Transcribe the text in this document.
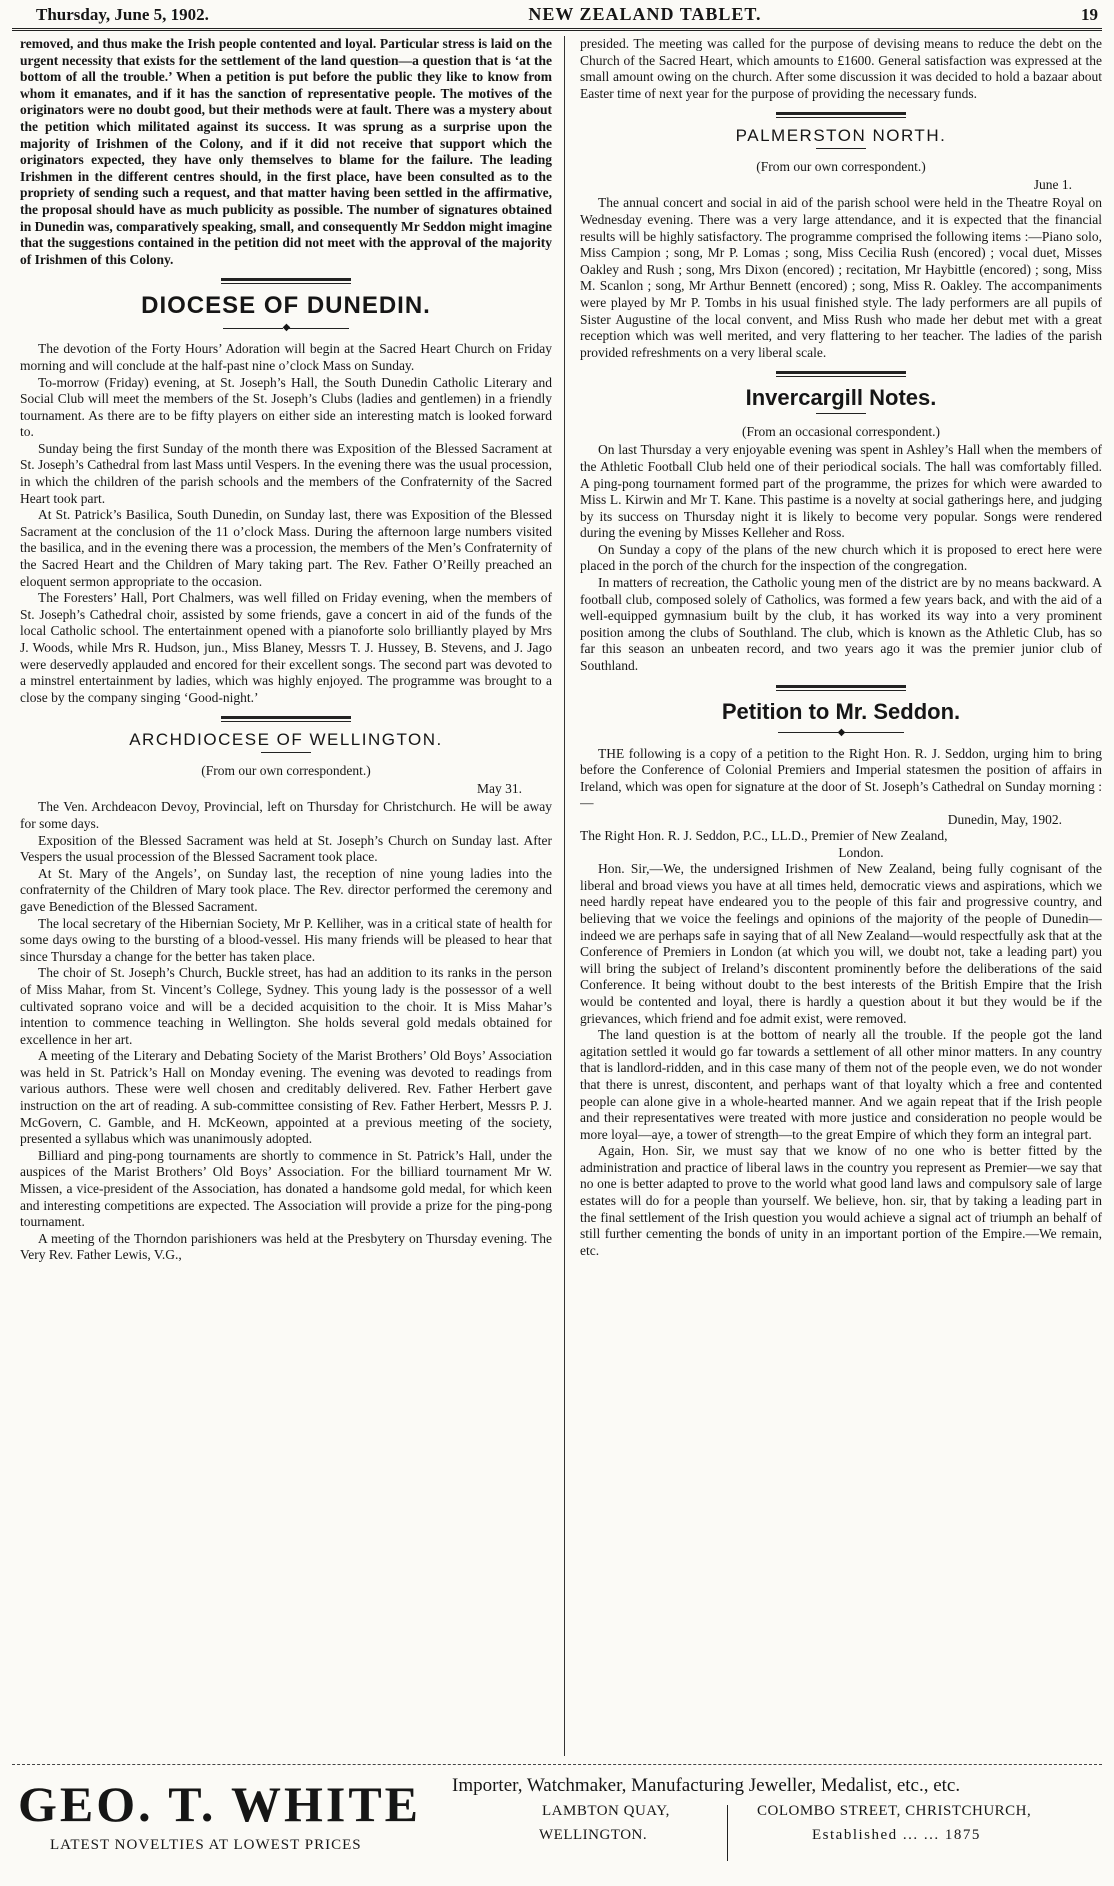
Thursday, June 5, 1902.	NEW ZEALAND TABLET.	19

removed, and thus make the Irish people contented and loyal. Particular stress is laid on the urgent necessity that exists for the settlement of the land question—a question that is ‘at the bottom of all the trouble.’ When a petition is put before the public they like to know from whom it emanates, and if it has the sanction of representative people. The motives of the originators were no doubt good, but their methods were at fault. There was a mystery about the petition which militated against its success. It was sprung as a surprise upon the majority of Irishmen of the Colony, and if it did not receive that support which the originators expected, they have only themselves to blame for the failure. The leading Irishmen in the different centres should, in the first place, have been consulted as to the propriety of sending such a request, and that matter having been settled in the affirmative, the proposal should have as much publicity as possible. The number of signatures obtained in Dunedin was, comparatively speaking, small, and consequently Mr Seddon might imagine that the suggestions contained in the petition did not meet with the approval of the majority of Irishmen of this Colony.

DIOCESE OF DUNEDIN.
◆

The devotion of the Forty Hours’ Adoration will begin at the Sacred Heart Church on Friday morning and will conclude at the half-past nine o’clock Mass on Sunday.

To-morrow (Friday) evening, at St. Joseph’s Hall, the South Dunedin Catholic Literary and Social Club will meet the members of the St. Joseph’s Clubs (ladies and gentlemen) in a friendly tournament. As there are to be fifty players on either side an interesting match is looked forward to.

Sunday being the first Sunday of the month there was Exposition of the Blessed Sacrament at St. Joseph’s Cathedral from last Mass until Vespers. In the evening there was the usual procession, in which the children of the parish schools and the members of the Confraternity of the Sacred Heart took part.

At St. Patrick’s Basilica, South Dunedin, on Sunday last, there was Exposition of the Blessed Sacrament at the conclusion of the 11 o’clock Mass. During the afternoon large numbers visited the basilica, and in the evening there was a procession, the members of the Men’s Confraternity of the Sacred Heart and the Children of Mary taking part. The Rev. Father O’Reilly preached an eloquent sermon appropriate to the occasion.

The Foresters’ Hall, Port Chalmers, was well filled on Friday evening, when the members of St. Joseph’s Cathedral choir, assisted by some friends, gave a concert in aid of the funds of the local Catholic school. The entertainment opened with a pianoforte solo brilliantly played by Mrs J. Woods, while Mrs R. Hudson, jun., Miss Blaney, Messrs T. J. Hussey, B. Stevens, and J. Jago were deservedly applauded and encored for their excellent songs. The second part was devoted to a minstrel entertainment by ladies, which was highly enjoyed. The programme was brought to a close by the company singing ‘Good-night.’

ARCHDIOCESE OF WELLINGTON.
(From our own correspondent.)
May 31.

The Ven. Archdeacon Devoy, Provincial, left on Thursday for Christchurch. He will be away for some days.

Exposition of the Blessed Sacrament was held at St. Joseph’s Church on Sunday last. After Vespers the usual procession of the Blessed Sacrament took place.

At St. Mary of the Angels’, on Sunday last, the reception of nine young ladies into the confraternity of the Children of Mary took place. The Rev. director performed the ceremony and gave Benediction of the Blessed Sacrament.

The local secretary of the Hibernian Society, Mr P. Kelliher, was in a critical state of health for some days owing to the bursting of a blood-vessel. His many friends will be pleased to hear that since Thursday a change for the better has taken place.

The choir of St. Joseph’s Church, Buckle street, has had an addition to its ranks in the person of Miss Mahar, from St. Vincent’s College, Sydney. This young lady is the possessor of a well cultivated soprano voice and will be a decided acquisition to the choir. It is Miss Mahar’s intention to commence teaching in Wellington. She holds several gold medals obtained for excellence in her art.

A meeting of the Literary and Debating Society of the Marist Brothers’ Old Boys’ Association was held in St. Patrick’s Hall on Monday evening. The evening was devoted to readings from various authors. These were well chosen and creditably delivered. Rev. Father Herbert gave instruction on the art of reading. A sub-committee consisting of Rev. Father Herbert, Messrs P. J. McGovern, C. Gamble, and H. McKeown, appointed at a previous meeting of the society, presented a syllabus which was unanimously adopted.

Billiard and ping-pong tournaments are shortly to commence in St. Patrick’s Hall, under the auspices of the Marist Brothers’ Old Boys’ Association. For the billiard tournament Mr W. Missen, a vice-president of the Association, has donated a handsome gold medal, for which keen and interesting competitions are expected. The Association will provide a prize for the ping-pong tournament.

A meeting of the Thorndon parishioners was held at the Presbytery on Thursday evening. The Very Rev. Father Lewis, V.G.,

presided. The meeting was called for the purpose of devising means to reduce the debt on the Church of the Sacred Heart, which amounts to £1600. General satisfaction was expressed at the small amount owing on the church. After some discussion it was decided to hold a bazaar about Easter time of next year for the purpose of providing the necessary funds.

PALMERSTON NORTH.
(From our own correspondent.)
June 1.

The annual concert and social in aid of the parish school were held in the Theatre Royal on Wednesday evening. There was a very large attendance, and it is expected that the financial results will be highly satisfactory. The programme comprised the following items :—Piano solo, Miss Campion ; song, Mr P. Lomas ; song, Miss Cecilia Rush (encored) ; vocal duet, Misses Oakley and Rush ; song, Mrs Dixon (encored) ; recitation, Mr Haybittle (encored) ; song, Miss M. Scanlon ; song, Mr Arthur Bennett (encored) ; song, Miss R. Oakley. The accompaniments were played by Mr P. Tombs in his usual finished style. The lady performers are all pupils of Sister Augustine of the local convent, and Miss Rush who made her debut met with a great reception which was well merited, and very flattering to her teacher. The ladies of the parish provided refreshments on a very liberal scale.

Invercargill Notes.
(From an occasional correspondent.)

On last Thursday a very enjoyable evening was spent in Ashley’s Hall when the members of the Athletic Football Club held one of their periodical socials. The hall was comfortably filled. A ping-pong tournament formed part of the programme, the prizes for which were awarded to Miss L. Kirwin and Mr T. Kane. This pastime is a novelty at social gatherings here, and judging by its success on Thursday night it is likely to become very popular. Songs were rendered during the evening by Misses Kelleher and Ross.

On Sunday a copy of the plans of the new church which it is proposed to erect here were placed in the porch of the church for the inspection of the congregation.

In matters of recreation, the Catholic young men of the district are by no means backward. A football club, composed solely of Catholics, was formed a few years back, and with the aid of a well-equipped gymnasium built by the club, it has worked its way into a very prominent position among the clubs of Southland. The club, which is known as the Athletic Club, has so far this season an unbeaten record, and two years ago it was the premier junior club of Southland.

Petition to Mr. Seddon.
◆

THE following is a copy of a petition to the Right Hon. R. J. Seddon, urging him to bring before the Conference of Colonial Premiers and Imperial statesmen the position of affairs in Ireland, which was open for signature at the door of St. Joseph’s Cathedral on Sunday morning :—

Dunedin, May, 1902.
The Right Hon. R. J. Seddon, P.C., LL.D., Premier of New Zealand,
London.

Hon. Sir,—We, the undersigned Irishmen of New Zealand, being fully cognisant of the liberal and broad views you have at all times held, democratic views and aspirations, which we need hardly repeat have endeared you to the people of this fair and progressive country, and believing that we voice the feelings and opinions of the majority of the people of Dunedin—indeed we are perhaps safe in saying that of all New Zealand—would respectfully ask that at the Conference of Premiers in London (at which you will, we doubt not, take a leading part) you will bring the subject of Ireland’s discontent prominently before the deliberations of the said Conference. It being without doubt to the best interests of the British Empire that the Irish would be contented and loyal, there is hardly a question about it but they would be if the grievances, which friend and foe admit exist, were removed.

The land question is at the bottom of nearly all the trouble. If the people got the land agitation settled it would go far towards a settlement of all other minor matters. In any country that is landlord-ridden, and in this case many of them not of the people even, we do not wonder that there is unrest, discontent, and perhaps want of that loyalty which a free and contented people can alone give in a whole-hearted manner. And we again repeat that if the Irish people and their representatives were treated with more justice and consideration no people would be more loyal—aye, a tower of strength—to the great Empire of which they form an integral part.

Again, Hon. Sir, we must say that we know of no one who is better fitted by the administration and practice of liberal laws in the country you represent as Premier—we say that no one is better adapted to prove to the world what good land laws and compulsory sale of large estates will do for a people than yourself. We believe, hon. sir, that by taking a leading part in the final settlement of the Irish question you would achieve a signal act of triumph an behalf of still further cementing the bonds of unity in an important portion of the Empire.—We remain, etc.

GEO. T. WHITE
LATEST NOVELTIES AT LOWEST PRICES
Importer, Watchmaker, Manufacturing Jeweller, Medalist, etc., etc.
LAMBTON QUAY,
WELLINGTON.
COLOMBO STREET, CHRISTCHURCH,
Established ... ... 1875
